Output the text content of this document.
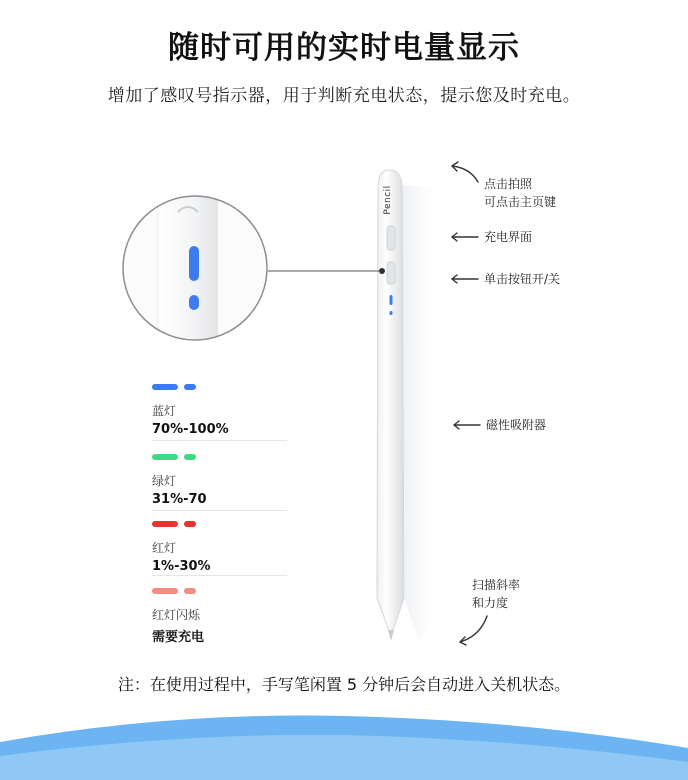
随时可用的实时电量显示
增加了感叹号指示器，用于判断充电状态，提示您及时充电。
Pencil
点击拍照
可点击主页键
充电界面
单击按钮开/关
磁性吸附器
扫描斜率
和力度
蓝灯
70%-100%
绿灯
31%-70
红灯
1%-30%
红灯闪烁
需要充电
注：在使用过程中，手写笔闲置 5 分钟后会自动进入关机状态。
